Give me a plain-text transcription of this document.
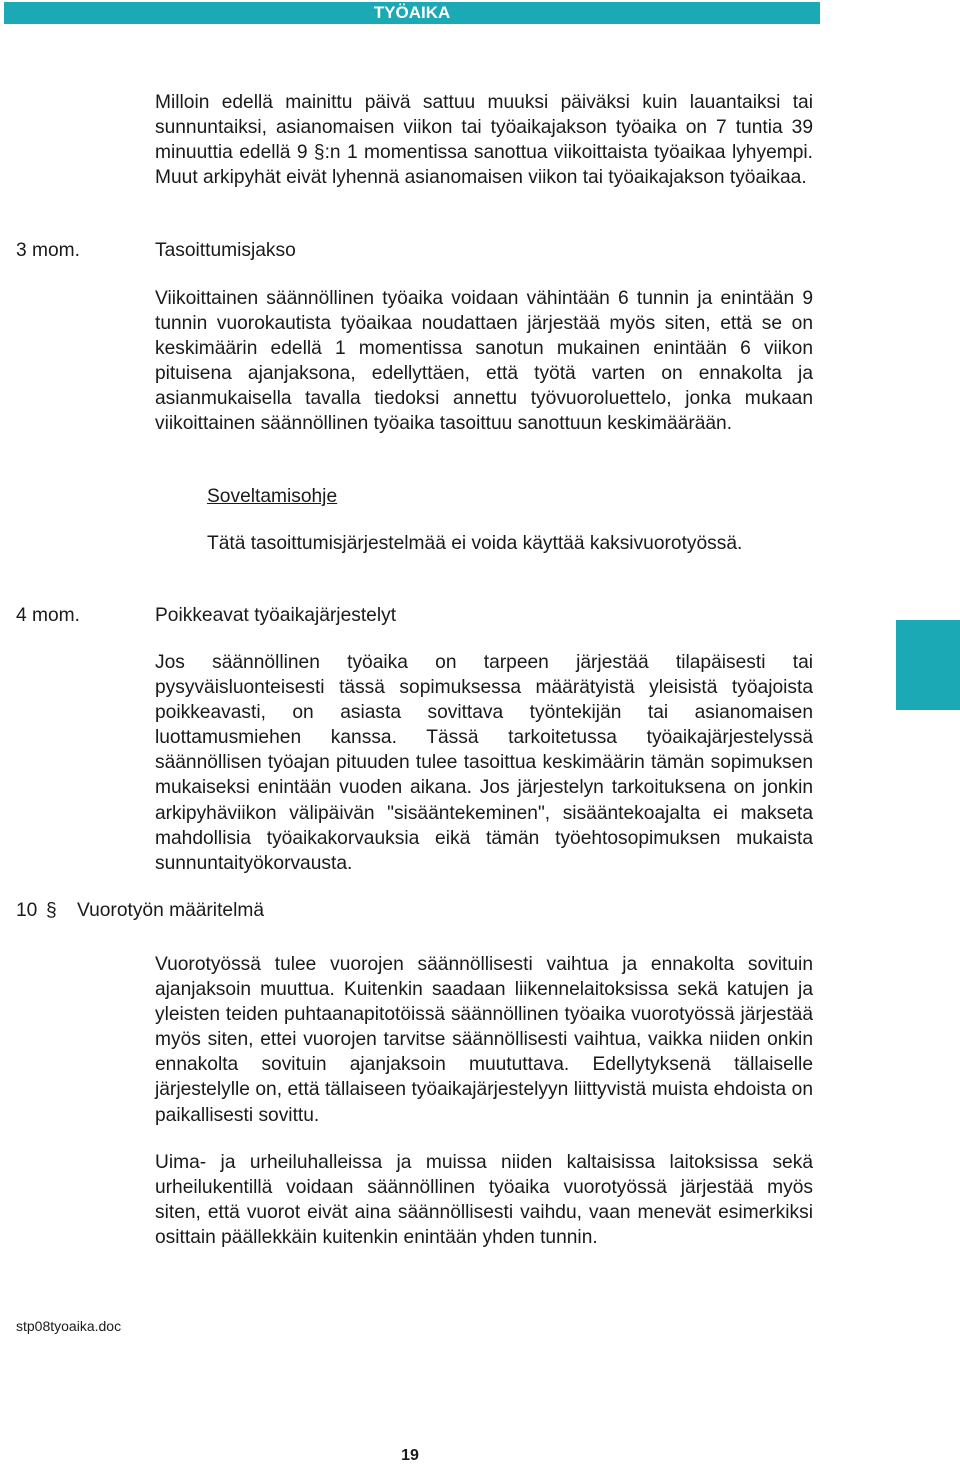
TYÖAIKA

Milloin edellä mainittu päivä sattuu muuksi päiväksi kuin lauantaiksi tai sunnuntaiksi, asianomaisen viikon tai työaikajakson työaika on 7 tuntia 39 minuuttia edellä 9 §:n 1 momentissa sanottua viikoittaista työaikaa lyhyempi. Muut arkipyhät eivät lyhennä asianomaisen viikon tai työaikajakson työaikaa.

3 mom.	Tasoittumisjakso

Viikoittainen säännöllinen työaika voidaan vähintään 6 tunnin ja enintään 9 tunnin vuorokautista työaikaa noudattaen järjestää myös siten, että se on keskimäärin edellä 1 momentissa sanotun mukainen enintään 6 viikon pituisena ajanjaksona, edellyttäen, että työtä varten on ennakolta ja asianmukaisella tavalla tiedoksi annettu työvuoroluettelo, jonka mukaan viikoittainen säännöllinen työaika tasoittuu sanottuun keskimäärään.

Soveltamisohje

Tätä tasoittumisjärjestelmää ei voida käyttää kaksivuorotyössä.

4 mom.	Poikkeavat työaikajärjestelyt

Jos säännöllinen työaika on tarpeen järjestää tilapäisesti tai pysyväisluonteisesti tässä sopimuksessa määrätyistä yleisistä työajoista poikkeavasti, on asiasta sovittava työntekijän tai asianomaisen luottamusmiehen kanssa. Tässä tarkoitetussa työaikajärjestelyssä säännöllisen työajan pituuden tulee tasoittua keskimäärin tämän sopimuksen mukaiseksi enintään vuoden aikana. Jos järjestelyn tarkoituksena on jonkin arkipyhäviikon välipäivän "sisääntekeminen", sisääntekoajalta ei makseta mahdollisia työaikakorvauksia eikä tämän työehtosopimuksen mukaista sunnuntaityökorvausta.

10 § Vuorotyön määritelmä

Vuorotyössä tulee vuorojen säännöllisesti vaihtua ja ennakolta sovituin ajanjaksoin muuttua. Kuitenkin saadaan liikennelaitoksissa sekä katujen ja yleisten teiden puhtaanapitotöissä säännöllinen työaika vuorotyössä järjestää myös siten, ettei vuorojen tarvitse säännöllisesti vaihtua, vaikka niiden onkin ennakolta sovituin ajanjaksoin muututtava. Edellytyksenä tällaiselle järjestelylle on, että tällaiseen työaikajärjestelyyn liittyvistä muista ehdoista on paikallisesti sovittu.

Uima- ja urheiluhalleissa ja muissa niiden kaltaisissa laitoksissa sekä urheilukentillä voidaan säännöllinen työaika vuorotyössä järjestää myös siten, että vuorot eivät aina säännöllisesti vaihdu, vaan menevät esimerkiksi osittain päällekkäin kuitenkin enintään yhden tunnin.

stp08tyoaika.doc
19
